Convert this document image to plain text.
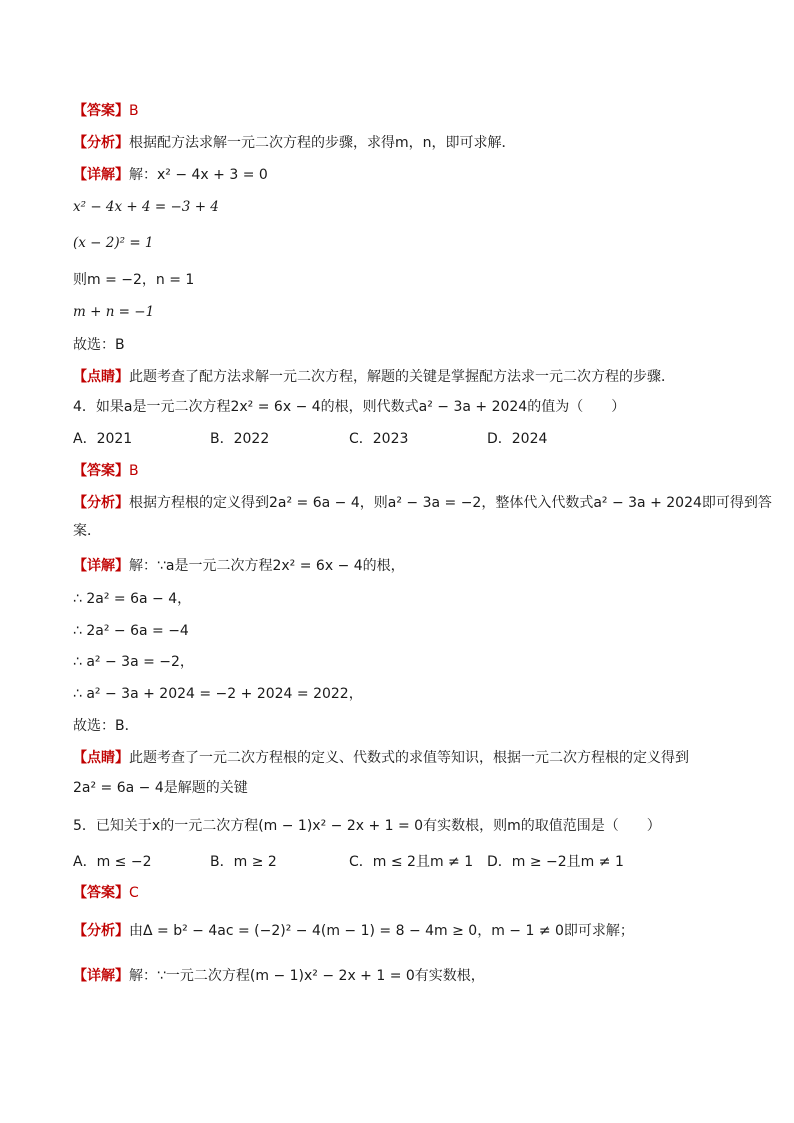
【答案】B
【分析】根据配方法求解一元二次方程的步骤，求得m，n，即可求解．
【详解】解：x² − 4x + 3 = 0
x² − 4x + 4 = −3 + 4
(x − 2)² = 1
则m = −2，n = 1
m + n = −1
故选：B
【点睛】此题考查了配方法求解一元二次方程，解题的关键是掌握配方法求一元二次方程的步骤．
4．如果a是一元二次方程2x² = 6x − 4的根，则代数式a² − 3a + 2024的值为（　　）
A．2021	B．2022	C．2023	D．2024
【答案】B
【分析】根据方程根的定义得到2a² = 6a − 4，则a² − 3a = −2，整体代入代数式a² − 3a + 2024即可得到答
案．
【详解】解：∵a是一元二次方程2x² = 6x − 4的根，
∴ 2a² = 6a − 4，
∴ 2a² − 6a = −4
∴ a² − 3a = −2，
∴ a² − 3a + 2024 = −2 + 2024 = 2022，
故选：B．
【点睛】此题考查了一元二次方程根的定义、代数式的求值等知识，根据一元二次方程根的定义得到
2a² = 6a − 4是解题的关键
5．已知关于x的一元二次方程(m − 1)x² − 2x + 1 = 0有实数根，则m的取值范围是（　　）
A．m ≤ −2	B．m ≥ 2	C．m ≤ 2且m ≠ 1 D．m ≥ −2且m ≠ 1
【答案】C
【分析】由Δ = b² − 4ac = (−2)² − 4(m − 1) = 8 − 4m ≥ 0，m − 1 ≠ 0即可求解；
【详解】解：∵一元二次方程(m − 1)x² − 2x + 1 = 0有实数根，
